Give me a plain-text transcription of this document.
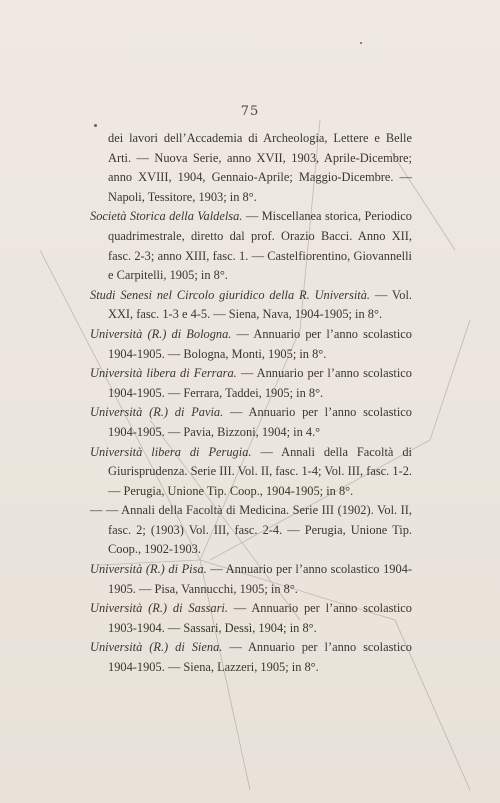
75

dei lavori dell’Accademia di Archeologia, Lettere e Belle Arti. — Nuova Serie, anno XVII, 1903, Aprile-Dicembre; anno XVIII, 1904, Gennaio-Aprile; Maggio-Dicembre. — Napoli, Tessitore, 1903; in 8°.

Società Storica della Valdelsa. — Miscellanea storica, Periodico quadrimestrale, diretto dal prof. Orazio Bacci. Anno XII, fasc. 2-3; anno XIII, fasc. 1. — Castelfiorentino, Giovannelli e Carpitelli, 1905; in 8°.

Studi Senesi nel Circolo giuridico della R. Università. — Vol. XXI, fasc. 1-3 e 4-5. — Siena, Nava, 1904-1905; in 8°.

Università (R.) di Bologna. — Annuario per l’anno scolastico 1904-1905. — Bologna, Monti, 1905; in 8°.

Università libera di Ferrara. — Annuario per l’anno scolastico 1904-1905. — Ferrara, Taddei, 1905; in 8°.

Università (R.) di Pavia. — Annuario per l’anno scolastico 1904-1905. — Pavia, Bizzoni, 1904; in 4.°

Università libera di Perugia. — Annali della Facoltà di Giurisprudenza. Serie III. Vol. II, fasc. 1-4; Vol. III, fasc. 1-2. — Perugia, Unione Tip. Coop., 1904-1905; in 8°.

— — Annali della Facoltà di Medicina. Serie III (1902). Vol. II, fasc. 2; (1903) Vol. III, fasc. 2-4. — Perugia, Unione Tip. Coop., 1902-1903.

Università (R.) di Pisa. — Annuario per l’anno scolastico 1904-1905. — Pisa, Vannucchi, 1905; in 8°.

Università (R.) di Sassari. — Annuario per l’anno scolastico 1903-1904. — Sassari, Dessì, 1904; in 8°.

Università (R.) di Siena. — Annuario per l’anno scolastico 1904-1905. — Siena, Lazzeri, 1905; in 8°.
